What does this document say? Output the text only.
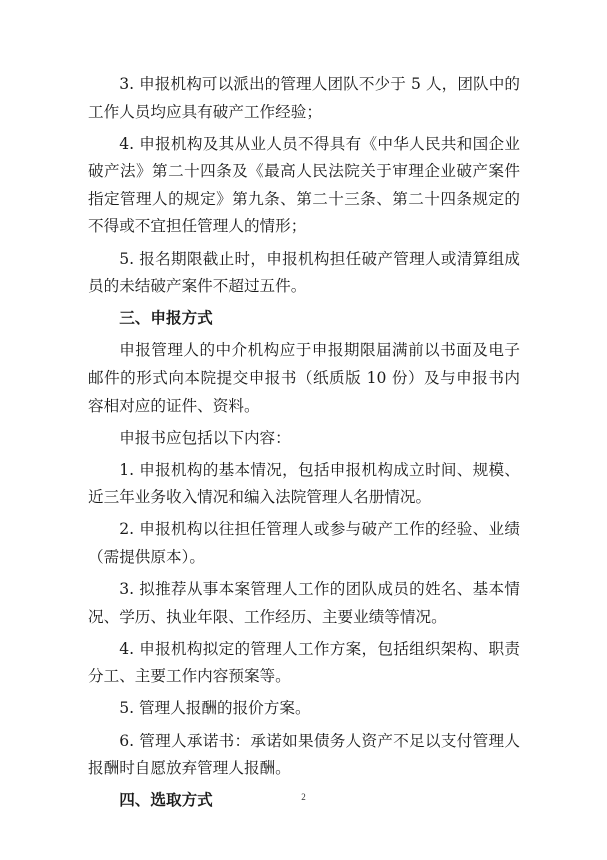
3. 申报机构可以派出的管理人团队不少于 5 人，团队中的工作人员均应具有破产工作经验；

4. 申报机构及其从业人员不得具有《中华人民共和国企业破产法》第二十四条及《最高人民法院关于审理企业破产案件指定管理人的规定》第九条、第二十三条、第二十四条规定的不得或不宜担任管理人的情形；

5. 报名期限截止时，申报机构担任破产管理人或清算组成员的未结破产案件不超过五件。

三、申报方式

申报管理人的中介机构应于申报期限届满前以书面及电子邮件的形式向本院提交申报书（纸质版 10 份）及与申报书内容相对应的证件、资料。

申报书应包括以下内容：

1. 申报机构的基本情况，包括申报机构成立时间、规模、近三年业务收入情况和编入法院管理人名册情况。

2. 申报机构以往担任管理人或参与破产工作的经验、业绩（需提供原本）。

3. 拟推荐从事本案管理人工作的团队成员的姓名、基本情况、学历、执业年限、工作经历、主要业绩等情况。

4. 申报机构拟定的管理人工作方案，包括组织架构、职责分工、主要工作内容预案等。

5. 管理人报酬的报价方案。

6. 管理人承诺书：承诺如果债务人资产不足以支付管理人报酬时自愿放弃管理人报酬。

四、选取方式	2
